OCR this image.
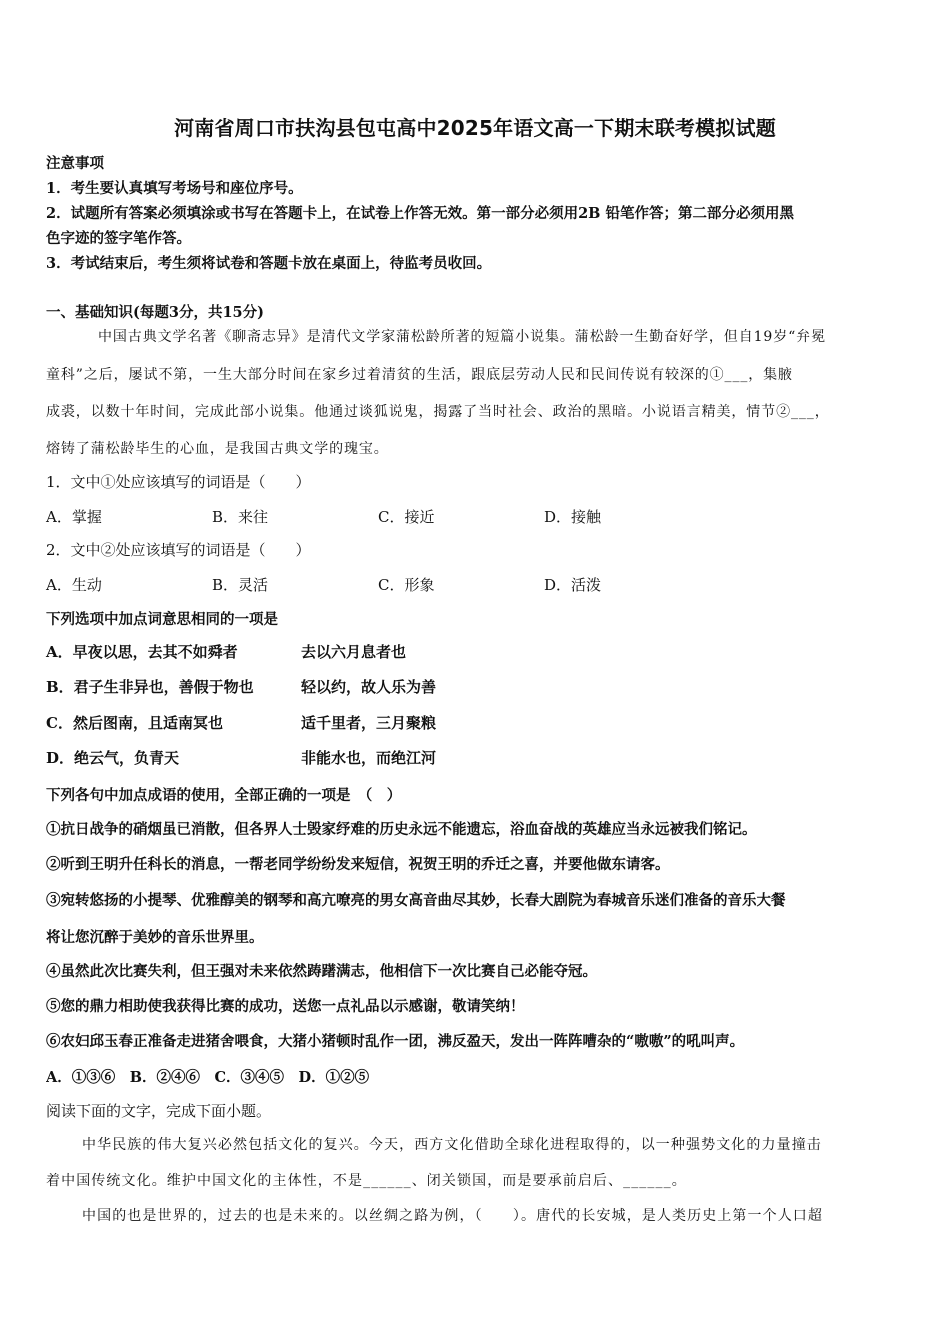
河南省周口市扶沟县包屯高中2025年语文高一下期末联考模拟试题
注意事项
1．考生要认真填写考场号和座位序号。
2．试题所有答案必须填涂或书写在答题卡上，在试卷上作答无效。第一部分必须用2B 铅笔作答；第二部分必须用黑
色字迹的签字笔作答。
3．考试结束后，考生须将试卷和答题卡放在桌面上，待监考员收回。
一、基础知识(每题3分，共15分)
中国古典文学名著《聊斋志异》是清代文学家蒲松龄所著的短篇小说集。蒲松龄一生勤奋好学，但自19岁“弁冕
童科”之后，屡试不第，一生大部分时间在家乡过着清贫的生活，跟底层劳动人民和民间传说有较深的①___，集腋
成裘，以数十年时间，完成此部小说集。他通过谈狐说鬼，揭露了当时社会、政治的黑暗。小说语言精美，情节②___，
熔铸了蒲松龄毕生的心血，是我国古典文学的瑰宝。
1．文中①处应该填写的词语是（　　）
A．掌握	B．来往	C．接近	D．接触
2．文中②处应该填写的词语是（　　）
A．生动	B．灵活	C．形象	D．活泼
下列选项中加点词意思相同的一项是
A．早夜以思，去其不如舜者	去以六月息者也
B．君子生非异也，善假于物也	轻以约，故人乐为善
C．然后图南，且适南冥也	适千里者，三月聚粮
D．绝云气，负青天	非能水也，而绝江河
下列各句中加点成语的使用，全部正确的一项是　（　）
①抗日战争的硝烟虽已消散，但各界人士毁家纾难的历史永远不能遗忘，浴血奋战的英雄应当永远被我们铭记。
②听到王明升任科长的消息，一帮老同学纷纷发来短信，祝贺王明的乔迁之喜，并要他做东请客。
③宛转悠扬的小提琴、优雅醇美的钢琴和高亢嘹亮的男女高音曲尽其妙，长春大剧院为春城音乐迷们准备的音乐大餐
将让您沉醉于美妙的音乐世界里。
④虽然此次比赛失利，但王强对未来依然踌躇满志，他相信下一次比赛自己必能夺冠。
⑤您的鼎力相助使我获得比赛的成功，送您一点礼品以示感谢，敬请笑纳！
⑥农妇邱玉春正准备走进猪舍喂食，大猪小猪顿时乱作一团，沸反盈天，发出一阵阵嘈杂的“嗷嗷”的吼叫声。
A．①③⑥　B．②④⑥　C．③④⑤　D．①②⑤
阅读下面的文字，完成下面小题。
中华民族的伟大复兴必然包括文化的复兴。今天，西方文化借助全球化进程取得的，以一种强势文化的力量撞击
着中国传统文化。维护中国文化的主体性，不是______、闭关锁国，而是要承前启后、______。
中国的也是世界的，过去的也是未来的。以丝绸之路为例，（　　）。唐代的长安城，是人类历史上第一个人口超
